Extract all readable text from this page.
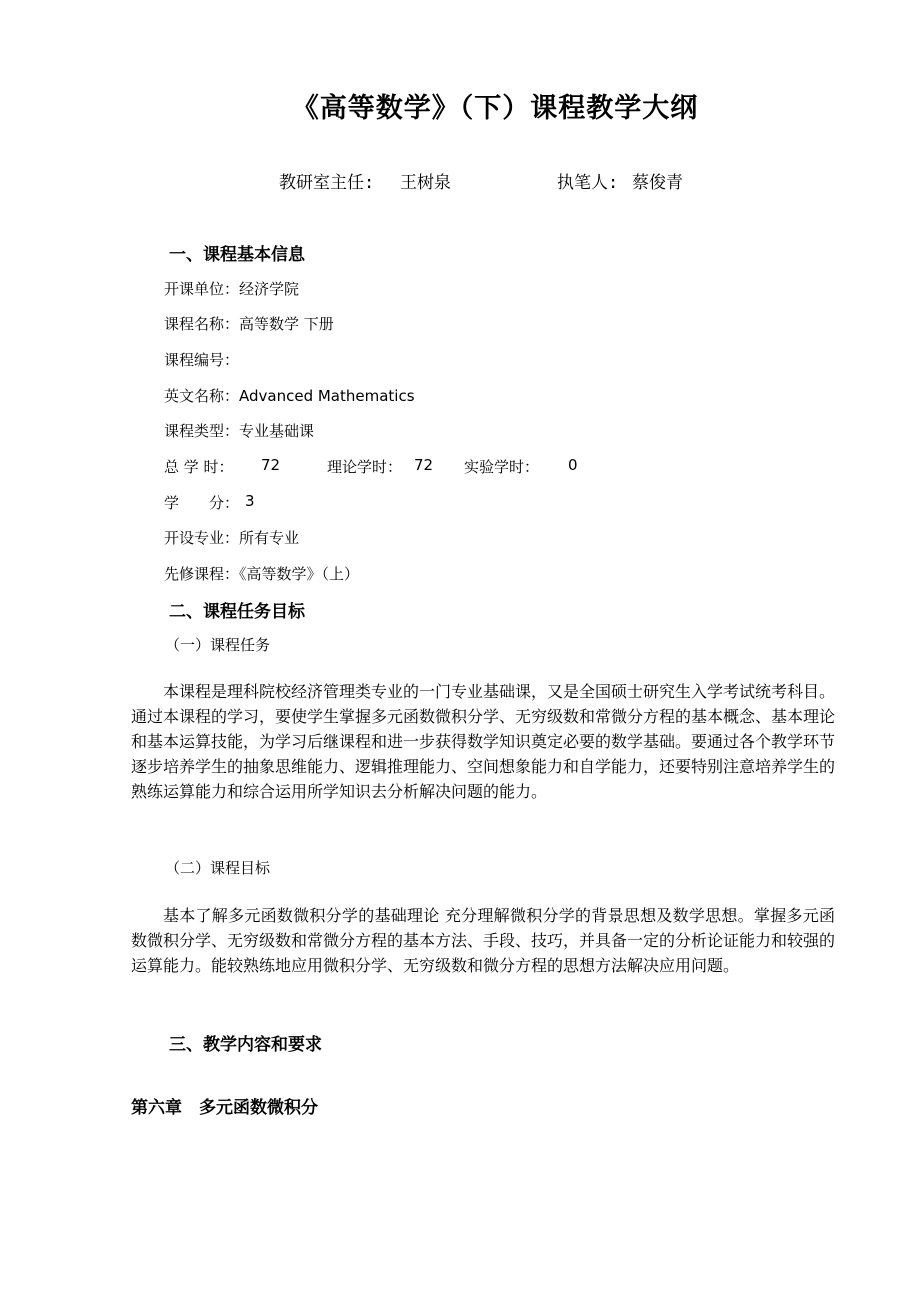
《高等数学》（下）课程教学大纲
教研室主任: 王树泉	执笔人: 蔡俊青
一、课程基本信息
开课单位：经济学院
课程名称：高等数学 下册
课程编号：
英文名称：Advanced Mathematics
课程类型：专业基础课
总 学 时： 72	理论学时： 72 实验学时： 0
学　　分： 3
开设专业：所有专业
先修课程：《高等数学》（上）
二、课程任务目标
（一）课程任务
本课程是理科院校经济管理类专业的一门专业基础课，又是全国硕士研究生入学考试统考科目。通过本课程的学习，要使学生掌握多元函数微积分学、无穷级数和常微分方程的基本概念、基本理论和基本运算技能，为学习后继课程和进一步获得数学知识奠定必要的数学基础。要通过各个教学环节逐步培养学生的抽象思维能力、逻辑推理能力、空间想象能力和自学能力，还要特别注意培养学生的熟练运算能力和综合运用所学知识去分析解决问题的能力。
（二）课程目标
基本了解多元函数微积分学的基础理论 充分理解微积分学的背景思想及数学思想。掌握多元函数微积分学、无穷级数和常微分方程的基本方法、手段、技巧，并具备一定的分析论证能力和较强的运算能力。能较熟练地应用微积分学、无穷级数和微分方程的思想方法解决应用问题。
三、教学内容和要求
第六章　多元函数微积分
